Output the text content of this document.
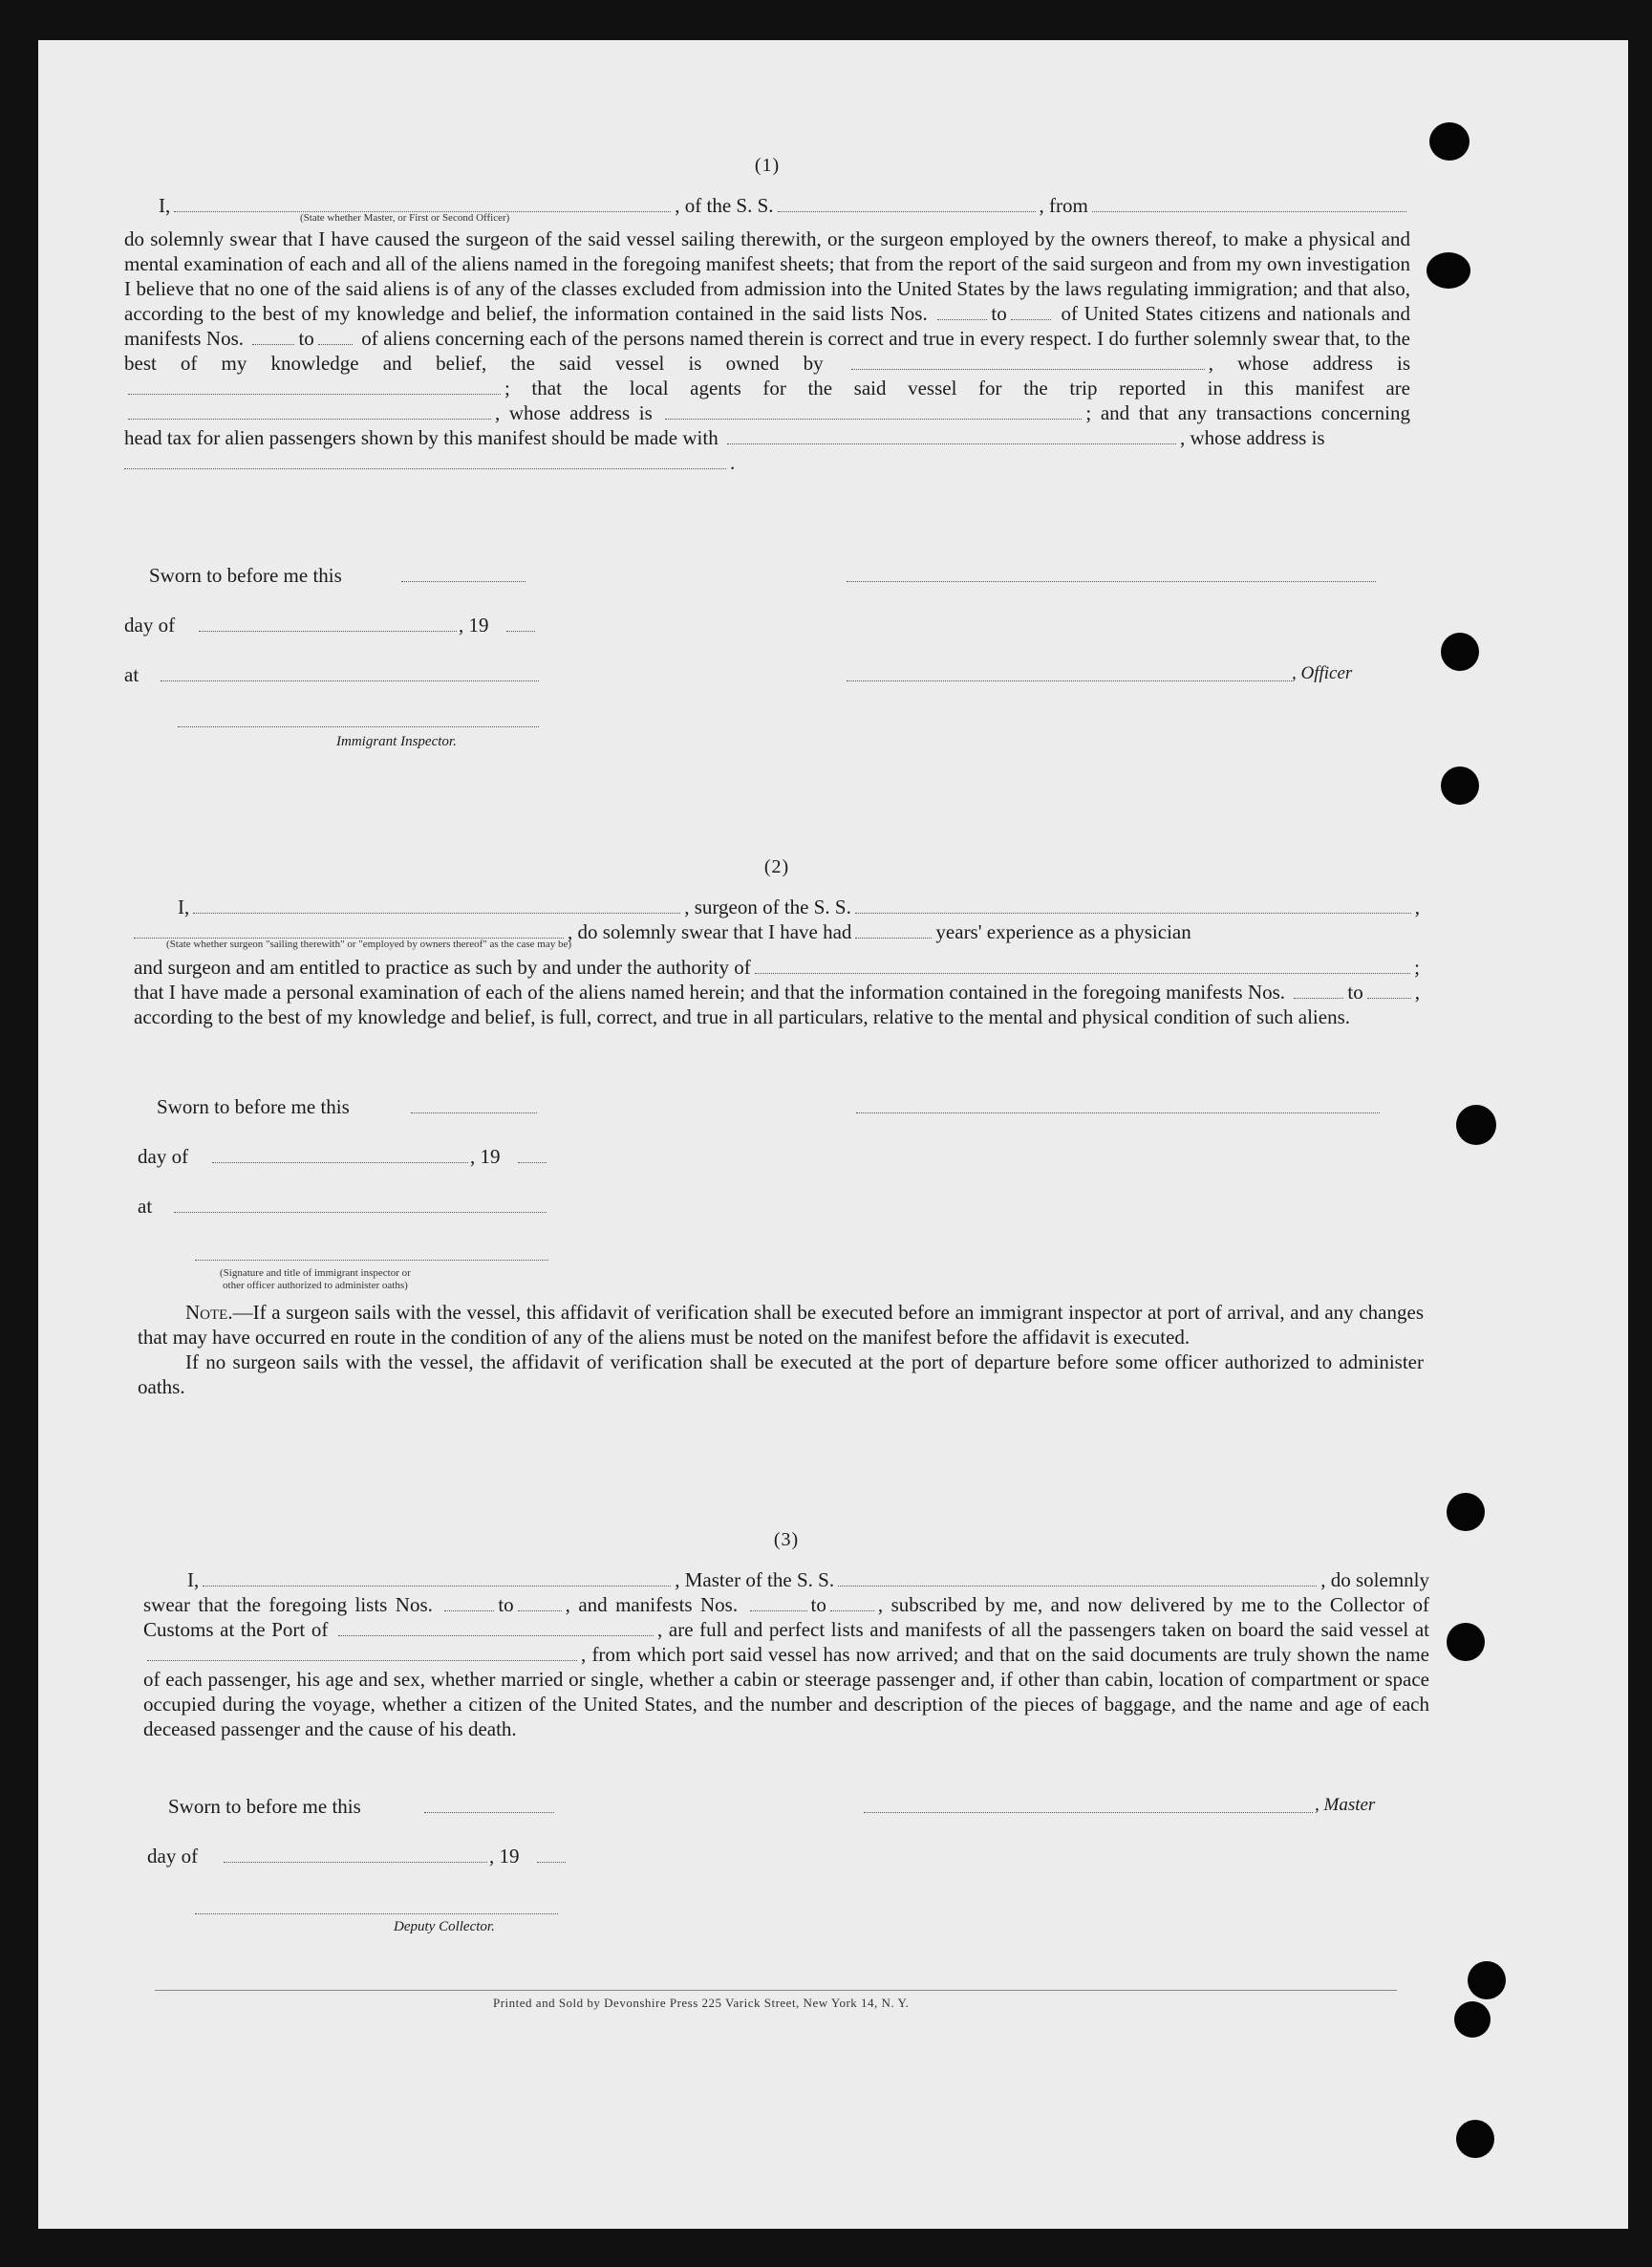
(1)
I,	, of the S. S.	, from
(State whether Master, or First or Second Officer)
do solemnly swear that I have caused the surgeon of the said vessel sailing therewith, or the surgeon employed by the owners thereof, to make a physical and mental examination of each and all of the aliens named in the foregoing manifest sheets; that from the report of the said surgeon and from my own investigation I believe that no one of the said aliens is of any of the classes excluded from admission into the United States by the laws regulating immigration; and that also, according to the best of my knowledge and belief, the information contained in the said lists Nos.	to	of United States citizens and nationals and manifests Nos.	to of aliens concerning each of the persons named therein is correct and true in every respect. I do further solemnly swear that, to the best of my knowledge and belief, the said vessel is owned by	, whose address is ; that the local agents for the said vessel for the trip reported in this manifest are , whose address is	; and that any transactions concerning head tax for alien passengers shown by this manifest should be made with	, whose address is
.
Sworn to before me this
day of	, 19
at	, Officer
Immigrant Inspector.
(2)
I,	, surgeon of the S. S.	,
, do solemnly swear that I have had	years' experience as a physician
(State whether surgeon "sailing therewith" or "employed by owners thereof" as the case may be)
and surgeon and am entitled to practice as such by and under the authority of	;
that I have made a personal examination of each of the aliens named herein; and that the information contained in the foregoing manifests Nos.	to	, according to the best of my knowledge and belief, is full, correct, and true in all particulars, relative to the mental and physical condition of such aliens.
Sworn to before me this
day of	, 19
at
(Signature and title of immigrant inspector or
other officer authorized to administer oaths)
Note.—If a surgeon sails with the vessel, this affidavit of verification shall be executed before an immigrant inspector at port of arrival, and any changes that may have occurred en route in the condition of any of the aliens must be noted on the manifest before the affidavit is executed.
If no surgeon sails with the vessel, the affidavit of verification shall be executed at the port of departure before some officer authorized to administer oaths.
(3)
I,	, Master of the S. S.	, do solemnly
swear that the foregoing lists Nos.	to	, and manifests Nos.	to	, subscribed by me, and now delivered by me to the Collector of Customs at the Port of	, are full and perfect lists and manifests of all the passengers taken on board the said vessel at , from which port said vessel has now arrived; and that on the said documents are truly shown the name of each passenger, his age and sex, whether married or single, whether a cabin or steerage passenger and, if other than cabin, location of compartment or space occupied during the voyage, whether a citizen of the United States, and the number and description of the pieces of baggage, and the name and age of each deceased passenger and the cause of his death.
Sworn to before me this	, Master
day of	, 19
Deputy Collector.
Printed and Sold by Devonshire Press 225 Varick Street, New York 14, N. Y.
